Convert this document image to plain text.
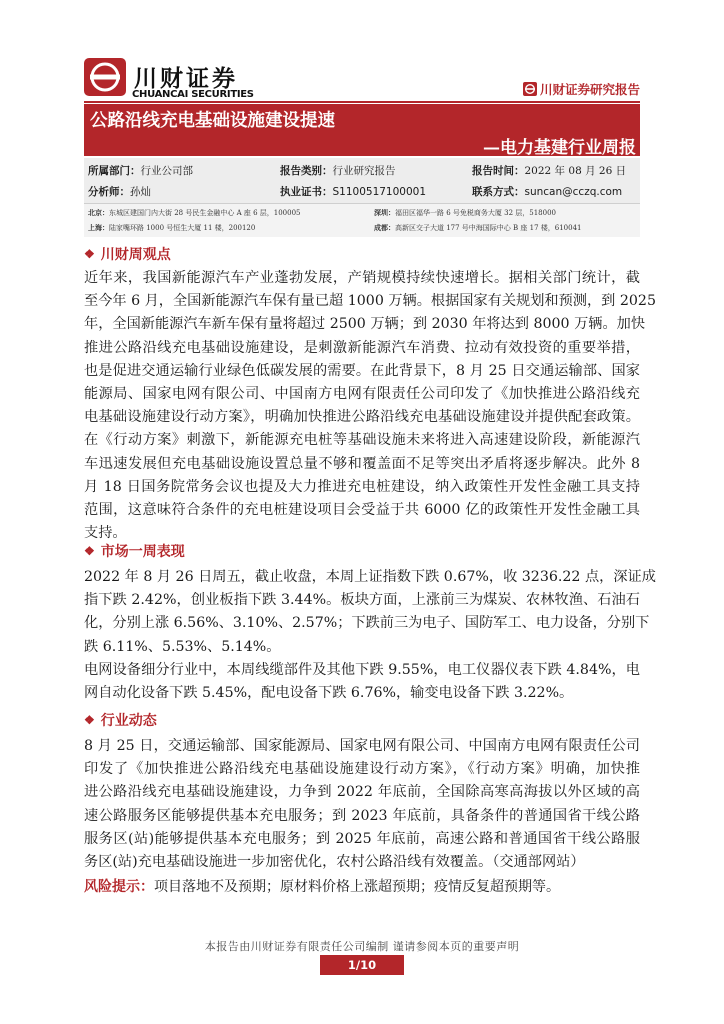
川财证券
CHUANCAI SECURITIES	川财证券研究报告
公路沿线充电基础设施建设提速
—电力基建行业周报
所属部门：行业公司部	报告类别：行业研究报告	报告时间：2022 年 08 月 26 日
分析师：孙灿	执业证书：S1100517100001	联系方式：suncan@cczq.com
北京：东城区建国门内大街 28 号民生金融中心 A 座 6 层，100005	深圳：福田区福华一路 6 号免税商务大厦 32 层，518000
上海：陆家嘴环路 1000 号恒生大厦 11 楼，200120	成都：高新区交子大道 177 号中海国际中心 B 座 17 楼，610041
❖ 川财周观点
近年来，我国新能源汽车产业蓬勃发展，产销规模持续快速增长。据相关部门统计，截
至今年 6 月，全国新能源汽车保有量已超 1000 万辆。根据国家有关规划和预测，到 2025
年，全国新能源汽车新车保有量将超过 2500 万辆；到 2030 年将达到 8000 万辆。加快
推进公路沿线充电基础设施建设，是刺激新能源汽车消费、拉动有效投资的重要举措，
也是促进交通运输行业绿色低碳发展的需要。在此背景下，8 月 25 日交通运输部、国家
能源局、国家电网有限公司、中国南方电网有限责任公司印发了《加快推进公路沿线充
电基础设施建设行动方案》，明确加快推进公路沿线充电基础设施建设并提供配套政策。
在《行动方案》刺激下，新能源充电桩等基础设施未来将进入高速建设阶段，新能源汽
车迅速发展但充电基础设施设置总量不够和覆盖面不足等突出矛盾将逐步解决。此外 8
月 18 日国务院常务会议也提及大力推进充电桩建设，纳入政策性开发性金融工具支持
范围，这意味符合条件的充电桩建设项目会受益于共 6000 亿的政策性开发性金融工具
支持。
❖ 市场一周表现
2022 年 8 月 26 日周五，截止收盘，本周上证指数下跌 0.67%，收 3236.22 点，深证成
指下跌 2.42%，创业板指下跌 3.44%。板块方面，上涨前三为煤炭、农林牧渔、石油石
化，分别上涨 6.56%、3.10%、2.57%；下跌前三为电子、国防军工、电力设备，分别下
跌 6.11%、5.53%、5.14%。
电网设备细分行业中，本周线缆部件及其他下跌 9.55%，电工仪器仪表下跌 4.84%，电
网自动化设备下跌 5.45%，配电设备下跌 6.76%，输变电设备下跌 3.22%。
❖ 行业动态
8 月 25 日，交通运输部、国家能源局、国家电网有限公司、中国南方电网有限责任公司
印发了《加快推进公路沿线充电基础设施建设行动方案》，《行动方案》明确，加快推
进公路沿线充电基础设施建设，力争到 2022 年底前，全国除高寒高海拔以外区域的高
速公路服务区能够提供基本充电服务；到 2023 年底前，具备条件的普通国省干线公路
服务区(站)能够提供基本充电服务；到 2025 年底前，高速公路和普通国省干线公路服
务区(站)充电基础设施进一步加密优化，农村公路沿线有效覆盖。（交通部网站）
风险提示：项目落地不及预期；原材料价格上涨超预期；疫情反复超预期等。
本报告由川财证券有限责任公司编制 谨请参阅本页的重要声明
1/10
